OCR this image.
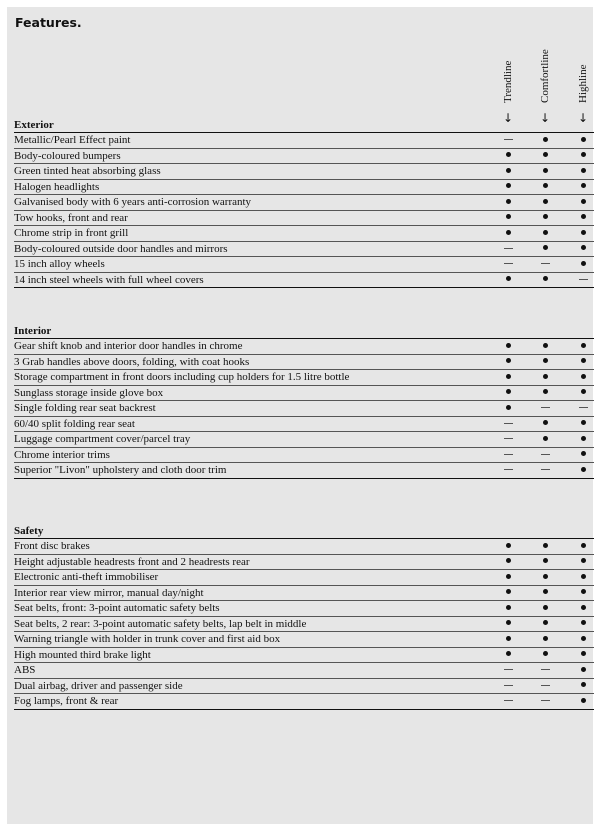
Features.
Trendline
↓
Comfortline
↓
Highline
↓
Exterior
Metallic/Pearl Effect paint
Body-coloured bumpers
Green tinted heat absorbing glass
Halogen headlights
Galvanised body with 6 years anti-corrosion warranty
Tow hooks, front and rear
Chrome strip in front grill
Body-coloured outside door handles and mirrors
15 inch alloy wheels
14 inch steel wheels with full wheel covers
Interior
Gear shift knob and interior door handles in chrome
3 Grab handles above doors, folding, with coat hooks
Storage compartment in front doors including cup holders for 1.5 litre bottle
Sunglass storage inside glove box
Single folding rear seat backrest
60/40 split folding rear seat
Luggage compartment cover/parcel tray
Chrome interior trims
Superior "Livon" upholstery and cloth door trim
Safety
Front disc brakes
Height adjustable headrests front and 2 headrests rear
Electronic anti-theft immobiliser
Interior rear view mirror, manual day/night
Seat belts, front: 3-point automatic safety belts
Seat belts, 2 rear: 3-point automatic safety belts, lap belt in middle
Warning triangle with holder in trunk cover and first aid box
High mounted third brake light
ABS
Dual airbag, driver and passenger side
Fog lamps, front & rear
